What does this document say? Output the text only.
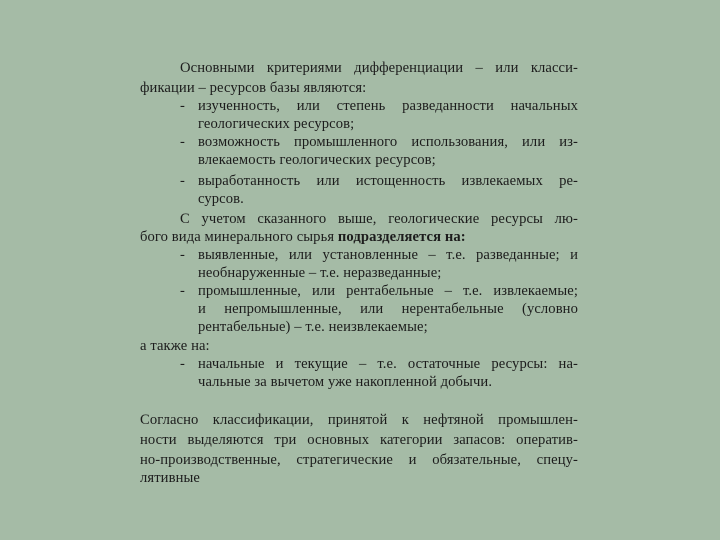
Основными критериями дифференциации – или класси-
фикации – ресурсов базы являются:
- изученность, или степень разведанности начальных
геологических ресурсов;
- возможность промышленного использования, или из-
влекаемость геологических ресурсов;
- выработанность или истощенность извлекаемых ре-
сурсов.
С учетом сказанного выше, геологические ресурсы лю-
бого вида минерального сырья подразделяется на:
- выявленные, или установленные – т.е. разведанные; и
необнаруженные – т.е. неразведанные;
- промышленные, или рентабельные – т.е. извлекаемые;
и непромышленные, или нерентабельные (условно
рентабельные) – т.е. неизвлекаемые;
а также на:
- начальные и текущие – т.е. остаточные ресурсы: на-
чальные за вычетом уже накопленной добычи.
Согласно классификации, принятой к нефтяной промышлен-
ности выделяются три основных категории запасов: оператив-
но-производственные, стратегические и обязательные, спецу-
лятивные
